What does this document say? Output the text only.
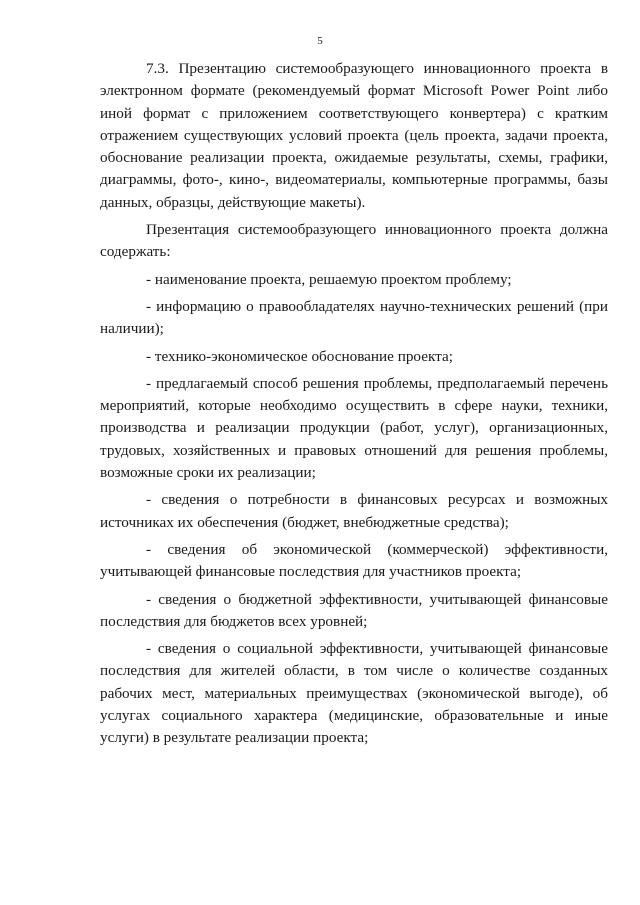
5

7.3. Презентацию системообразующего инновационного проекта в электронном формате (рекомендуемый формат Microsoft Power Point либо иной формат с приложением соответствующего конвертера) с кратким отражением существующих условий проекта (цель проекта, задачи проекта, обоснование реализации проекта, ожидаемые результаты, схемы, графики, диаграммы, фото-, кино-, видеоматериалы, компьютерные программы, базы данных, образцы, действующие макеты).

Презентация системообразующего инновационного проекта должна содержать:

- наименование проекта, решаемую проектом проблему;

- информацию о правообладателях научно-технических решений (при наличии);

- технико-экономическое обоснование проекта;

- предлагаемый способ решения проблемы, предполагаемый перечень мероприятий, которые необходимо осуществить в сфере науки, техники, производства и реализации продукции (работ, услуг), организационных, трудовых, хозяйственных и правовых отношений для решения проблемы, возможные сроки их реализации;

- сведения о потребности в финансовых ресурсах и возможных источниках их обеспечения (бюджет, внебюджетные средства);

- сведения об экономической (коммерческой) эффективности, учитывающей финансовые последствия для участников проекта;

- сведения о бюджетной эффективности, учитывающей финансовые последствия для бюджетов всех уровней;

- сведения о социальной эффективности, учитывающей финансовые последствия для жителей области, в том числе о количестве созданных рабочих мест, материальных преимуществах (экономической выгоде), об услугах социального характера (медицинские, образовательные и иные услуги) в результате реализации проекта;
